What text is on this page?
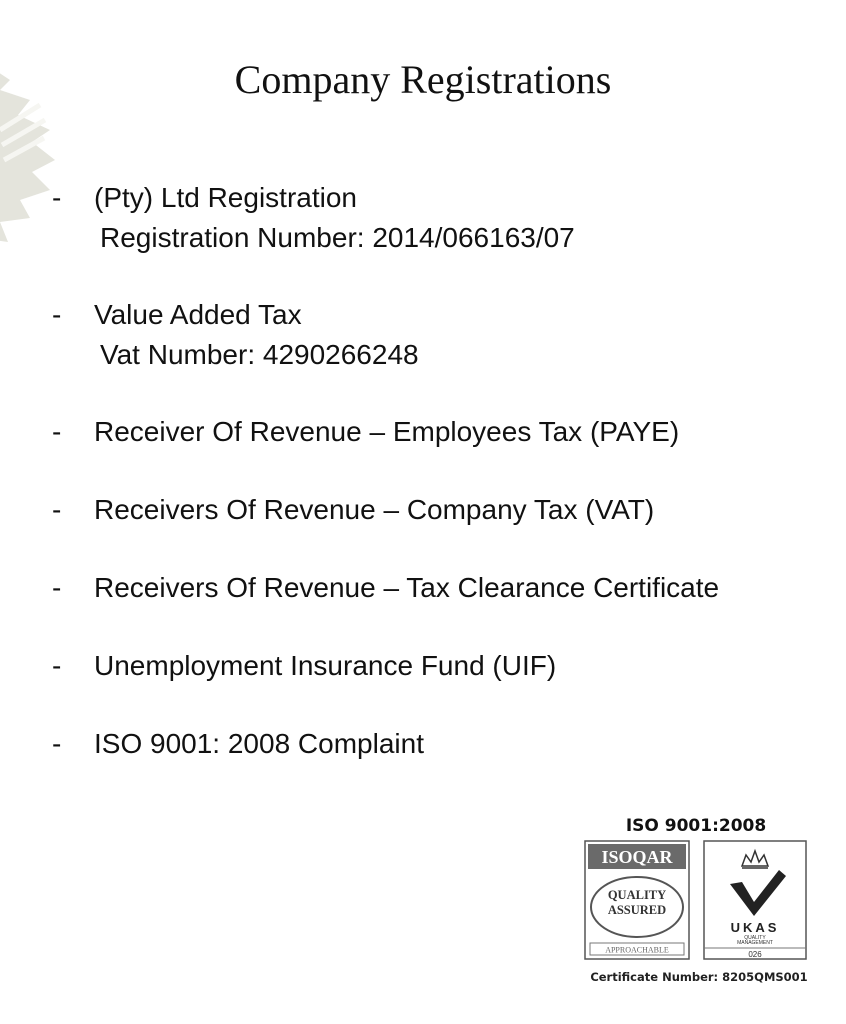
Company Registrations
- (Pty) Ltd Registration
Registration Number: 2014/066163/07
- Value Added Tax
Vat Number: 4290266248
- Receiver Of Revenue – Employees Tax (PAYE)
- Receivers Of Revenue – Company Tax (VAT)
- Receivers Of Revenue – Tax Clearance Certificate
- Unemployment Insurance Fund (UIF)
- ISO 9001: 2008 Complaint
ISO 9001:2008
ISOQAR
QUALITY
ASSURED
APPROACHABLE
UKAS
QUALITY
MANAGEMENT
026
Certificate Number: 8205QMS001
